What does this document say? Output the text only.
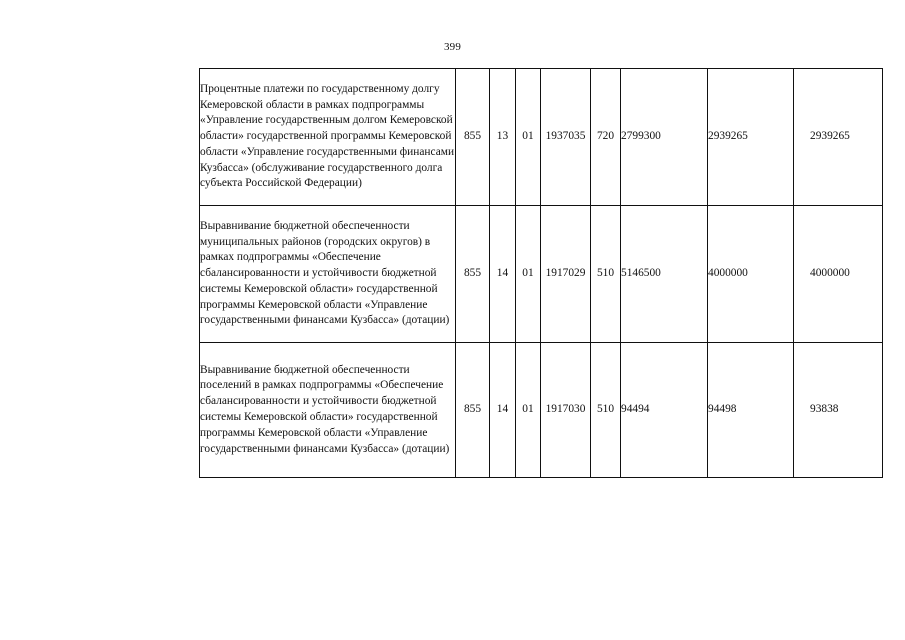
399
Процентные платежи по государственному долгу Кемеровской области в рамках подпрограммы «Управление государственным долгом Кемеровской области» государственной программы Кемеровской области «Управление государственными финансами Кузбасса» (обслуживание государственного долга субъекта Российской Федерации)	855	13	01	1937035	720	2799300	2939265	2939265
Выравнивание бюджетной обеспеченности муниципальных районов (городских округов) в рамках подпрограммы «Обеспечение сбалансированности и устойчивости бюджетной системы Кемеровской области» государственной программы Кемеровской области «Управление государственными финансами Кузбасса» (дотации)	855	14	01	1917029	510	5146500	4000000	4000000
Выравнивание бюджетной обеспеченности поселений в рамках подпрограммы «Обеспечение сбалансированности и устойчивости бюджетной системы Кемеровской области» государственной программы Кемеровской области «Управление государственными финансами Кузбасса» (дотации)	855	14	01	1917030	510	94494	94498	93838
